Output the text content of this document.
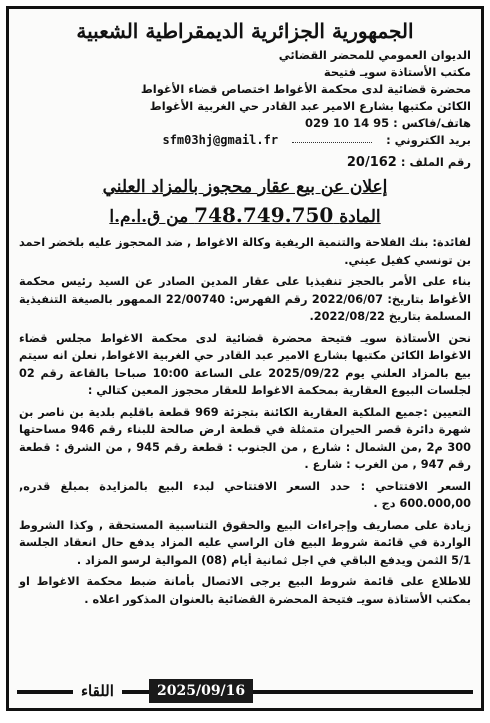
الجمهورية الجزائرية الديمقراطية الشعبية
الديوان العمومي للمحضر القضائي
مكتب الأستاذة سويـ فتيحة
محضرة قضائية لدى محكمة الأغواط اختصاص قضاء الأغواط
الكائن مكتبها بشارع الامير عبد القادر حي الغربية الأغواط
هاتف/فاكس : 029 10 14 95
بريد الكتروني :
sfm03hj@gmail.fr
رقم الملف : 20/162
إعلان عن بيع عقار محجوز بالمزاد العلني
المادة 748.749.750 من ق.ا.م.ا
لفائدة: بنك الفلاحة والتنمية الريفية وكالة الاغواط , ضد المحجوز عليه بلخضر احمد بن تونسي كفيل عيني.
بناء على الأمر بالحجز تنفيذيا على عقار المدين الصادر عن السيد رئيس محكمة الأغواط بتاريخ: 2022/06/07 رقم الفهرس: 22/00740 الممهور بالصيغة التنفيذية المسلمة بتاريخ 2022/08/22.
نحن الأستاذة سويـ فتيحة محضرة قضائية لدى محكمة الاغواط مجلس قضاء الاغواط الكائن مكتبها بشارع الامير عبد القادر حي الغربية الاغواط, نعلن انه سيتم بيع بالمزاد العلني يوم 2025/09/22 على الساعة 10:00 صباحا بالقاعة رقم 02 لجلسات البيوع العقارية بمحكمة الاغواط للعقار محجوز المعين كتالي :
التعيين :جميع الملكية العقارية الكائنة بتجزئة 969 قطعة باقليم بلدية بن ناصر بن شهرة دائرة قصر الحيران متمثلة في قطعة ارض صالحة للبناء رقم 946 مساحتها 300 م2 ,من الشمال : شارع , من الجنوب : قطعة رقم 945 , من الشرق : قطعة رقم 947 , من الغرب : شارع .
السعر الافتتاحي : حدد السعر الافتتاحي لبدء البيع بالمزايدة بمبلغ قدره, 600.000,00 دج .
زيادة على مصاريف وإجراءات البيع والحقوق التناسبية المستحقة , وكذا الشروط الواردة في قائمة شروط البيع فان الراسي عليه المزاد يدفع حال انعقاد الجلسة 5/1 الثمن ويدفع الباقي في اجل ثمانية أيام (08) الموالية لرسو المزاد .
للاطلاع على قائمة شروط البيع يرجى الاتصال بأمانة ضبط محكمة الاغواط او بمكتب الأستاذة سويـ فتيحة المحضرة القضائية بالعنوان المذكور اعلاه .
2025/09/16
اللقاء
